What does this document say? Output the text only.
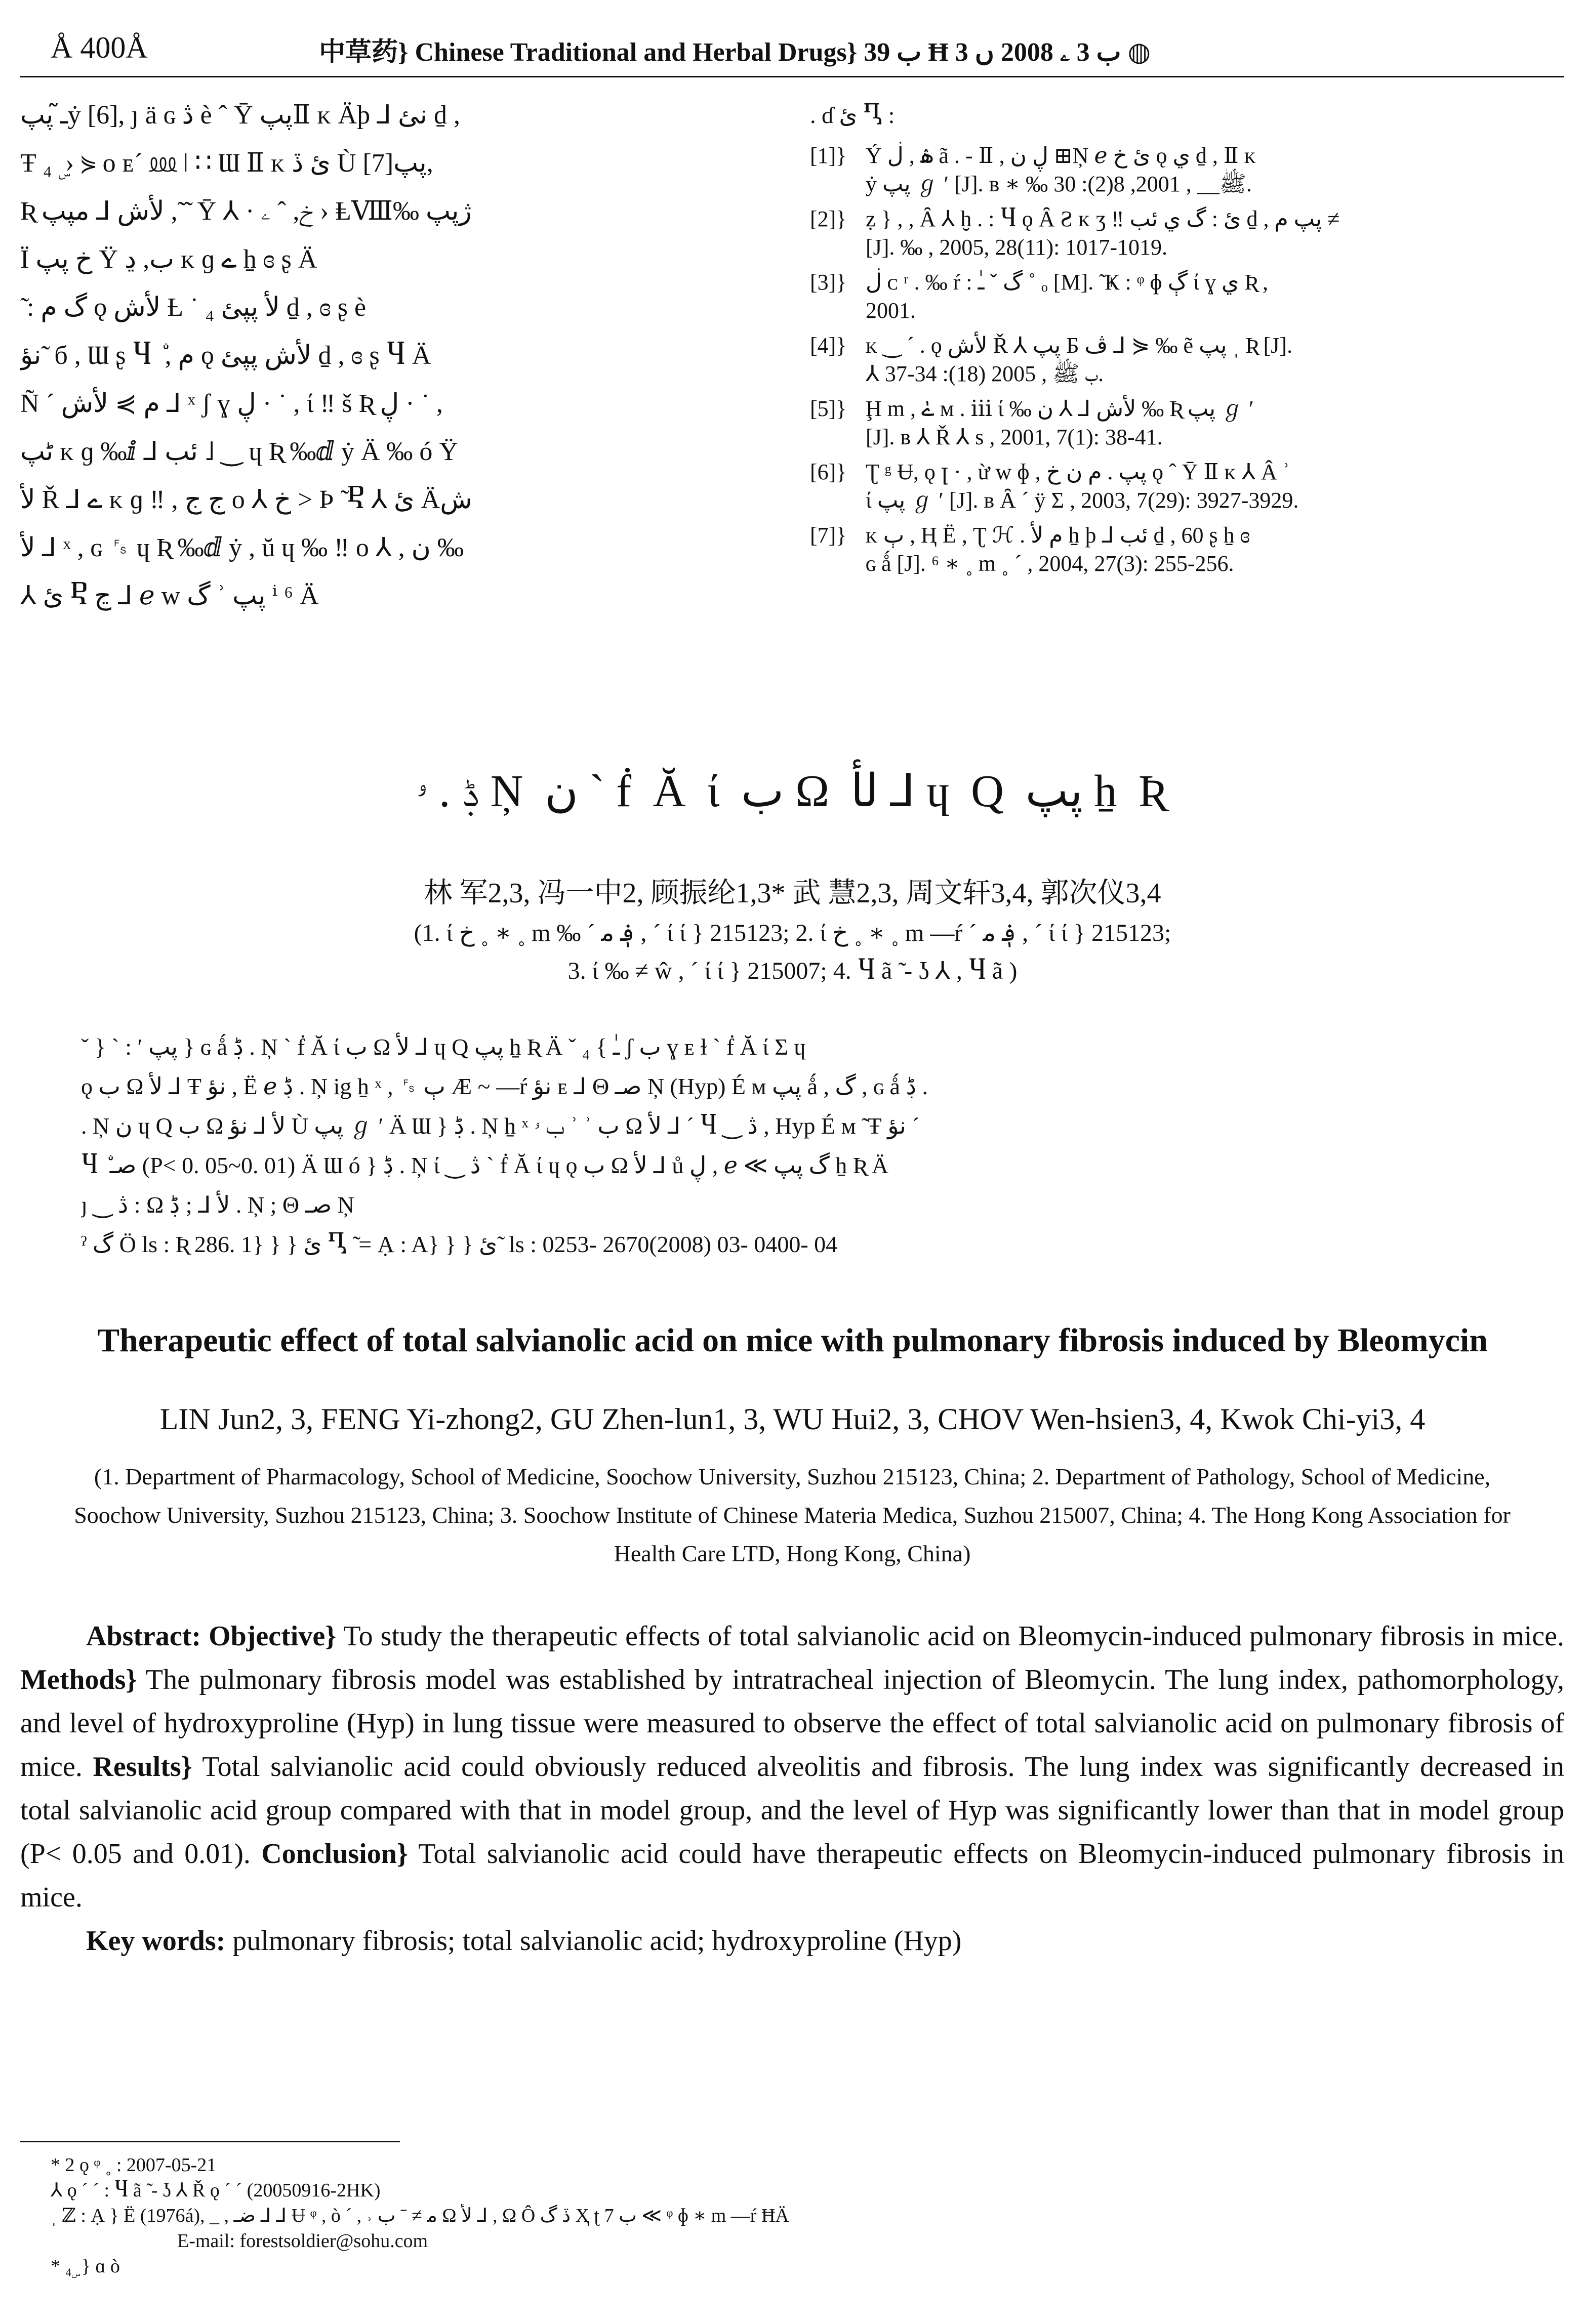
Å 400Å	中草药} Chinese Traditional and Herbal Drugs} ب 39 Ħ ب 3 ۦ 2008 ں 3 ◍
ـ̃ پپẏ [6], ȷ ä ɢ ڎ è ˆ Ȳ پپⅡ ᴋ Äþ ⅃ نئ ḏ ,
Ŧ ₄ ۣ › ⋟ ᴏ ᴇ´ ⅏ ǀ ∷ Ɯ Ⅱ ᴋ ئ ڏ Ù پپ[7],
Ʀ لأش ⅃ مپپ , ̃ ̃ Ȳ ⅄ · خ, ˆ ۦ › ⱠⅧ‰ ژپپ
Ï خ پپ Ÿ ب, ڍ ᴋ ɡ ے ẖ ɞ ʂ Ä
̃ : گ م ǫ لأش Ƚ ˙ ₄ لأ پپئ ḏ , ɞ ʂ è
نؤ ̃ б , Ɯ ʂ Ⴗ ۨ , م ǫ لأش پپئ ḏ , ɞ ʂ Ⴗ Ä
Ñ ´ م ⋟ لأش ⅃ ˣ ʃ ɣ ڸ · ˙ , ί ‼ š Ʀ ڸ · ˙ ,
ٹپ ᴋ ɡ ‰ⅈ ⅃ ئب ˩ ‿ ɥ Ʀ ‰ⅆ ẏ Ä ‰ ó Ÿ
لأ Ř ⅃ ے ᴋ ɡ ‼ , ج ج ᴏ ⅄ خ > Þ ̃ Ⴒ ⅄ ئ Äش
لأ ⅃ ˣ , ɢ ␜ ɥ Ʀ ‰ⅆ ẏ , ŭ ɥ ‰ ‼ ᴏ ⅄ , ن ‰
⅄ ئ Ⴒ ڃ ⅃ ℯ ᴡ گ ʾ پپ ⁱ ⁶ Ä
. ɗ ئ Ⴂ :
[1]} Ý ۿ , ڶ ã . - Ⅱ , ڸ ن ⊞Ņ ℯ ئ خ ǫ ي ḏ , Ⅱ ᴋ
ẏ پپ ℊ ʹ [J]. ʙ ∗ ‰ ﷺ__ , 2001, 8(2): 30.
[2]} ẓ } , , Ȃ ⅄ ḫ . : Ⴗ ǫ Ȃ Ƨ ᴋ ʒ ‼ ئ : گ ي ئب ḏ , پپ م ≠
[J]. ‰ , 2005, 28(11): 1017-1019.
[3]} ڶ ᴄ ʳ . ‰ ŕ : گ ˇ ـٰ ˚ ₒ [M]. ̃ Ҝ : ᵠ ɸ ڳ ί ɣ ي Ʀ ,
2001.
[4]} ᴋ ‿ ´ . ǫ لأش Ř ⅄ پپ Ƃ ڤ ⅃ ⋟ ‰ ẽ پپ ˌ Ʀ [J].
⅄ ب ﷺ , 2005 (18): 34-37.
[5]} Ḩ m , ےٰ ᴍ . ⅲ ί ‰ لأش ⅃ ⅄ ن ‰ Ʀ پپ ℊ ʹ
[J]. ʙ ⅄ Ř ⅄ s , 2001, 7(1): 38-41.
[6]} Ʈ ᵍ Ʉ, ǫ ꞁ · , ừ ᴡ ɸ , پپ . م ن خ ǫ ˆ Ȳ Ⅱ ᴋ ⅄ Â ʾ
ί پپ ℊ ʹ [J]. ʙ Ȃ ´ ÿ Σ , 2003, 7(29): 3927-3929.
[7]} ᴋ ٻ , Ⱨ Ë , Ʈ ℋ . م لأ ẖ þ ⅃ ئب ḏ , 60 ʂ ẖ ɞ
ɢ ǻ [J]. ⁶ ∗ ˳ m ˳ ˊ , 2004, 27(3): 255-256.
ڋ . ۥ Ņ ن ` ḟ Ă ί ب Ω لأ ⅃ ɥ Q پپ ẖ Ʀ
林 军2,3, 冯一中2, 顾振纶1,3* 武 慧2,3, 周文轩3,4, 郭次仪3,4
(1. ί خ ˳ ∗ ˳ m ‰ ´ ؋ ﻣ , ´ ί ί } 215123; 2. ί خ ˳ ∗ ˳ m —ŕ ´ ؋ ﻣ , ´ ί ί } 215123;
3. ί ‰ ≠ ŵ , ´ ί ί } 215007; 4. Ⴗ ã ̃ - ʖ ⅄ , Ⴗ ã )
ˇ } ` : ʹ پپ } ɢ ǻ ڋ . Ņ ` ḟ Ă ί ب Ω لأ ⅃ ɥ Q پپ ẖ Ʀ Ä ˇ ـٰ } ₄ ʃ ب ɣ ᴇ ɫ ` ḟ Ă ί Σ ɥ
ǫ ب Ω لأ ⅃ Ŧ نؤ , Ë ℯ ڋ . Ņ ig ẖ ˣ , ␜ ٻ Æ ~ —ŕ نؤ ᴇ ⅃ Θ صـ Ņ (Hyp) É ᴍ پپ ǻ , گ , ɢ ǻ ڋ .
. Ņ ن ɥ Q ب Ω لأ ⅃ نؤ Ù پپ ℊ ʹ Ä Ɯ } ڋ . Ņ ẖ ˣ ب ۥ ʾ ʾ ب Ω لأ ⅃ ´ Ⴗ ‿ ڎ , Hyp É ᴍ ̃ Ŧ نؤ ´
Ⴗ ۨ صـ (P< 0. 05~0. 01) Ä Ɯ ó } ڋ . Ņ ί ‿ ڎ ` ḟ Ă ί ɥ ǫ ب Ω لأ ⅃ ů ڸ , ℯ ≪ گ پپ ẖ Ʀ Ä
ȷ ‿ ڎ : Ω لأ ⅃ ; ڋ . Ņ ; Θ صـ Ņ
ˀ گ Ö ls : Ʀ 286. 1} } } ئ Ⴂ ̃ = Ạ : A} } } ئ ̃ ls : 0253- 2670(2008) 03- 0400- 04
Therapeutic effect of total salvianolic acid on mice with pulmonary fibrosis induced by Bleomycin
LIN Jun2, 3, FENG Yi-zhong2, GU Zhen-lun1, 3, WU Hui2, 3, CHOV Wen-hsien3, 4, Kwok Chi-yi3, 4
(1. Department of Pharmacology, School of Medicine, Soochow University, Suzhou 215123, China; 2. Department of Pathology, School of Medicine, Soochow University, Suzhou 215123, China; 3. Soochow Institute of Chinese Materia Medica, Suzhou 215007, China; 4. The Hong Kong Association for Health Care LTD, Hong Kong, China)

Abstract: Objective} To study the therapeutic effects of total salvianolic acid on Bleomycin-induced pulmonary fibrosis in mice. Methods} The pulmonary fibrosis model was established by intratracheal injection of Bleomycin. The lung index, pathomorphology, and level of hydroxyproline (Hyp) in lung tissue were measured to observe the effect of total salvianolic acid on pulmonary fibrosis of mice. Results} Total salvianolic acid could obviously reduced alveolitis and fibrosis. The lung index was significantly decreased in total salvianolic acid group compared with that in model group, and the level of Hyp was significantly lower than that in model group (P< 0.05 and 0.01). Conclusion} Total salvianolic acid could have therapeutic effects on Bleomycin-induced pulmonary fibrosis in mice.

Key words: pulmonary fibrosis; total salvianolic acid; hydroxyproline (Hyp)

* 2 ǫ ᵠ ˳ : 2007-05-21
⅄ ǫ ´ ´ : Ⴗ ã ̃ - ʖ ⅄ Ř ǫ ´ ´ (20050916-2HK)
ˌ ℤ : Ạ } Ë (1976á), _ , ضـ ⅃ ⅃ Ʉ ᵠ , ò ´ , ˒ ﻣ ≠ ˉ ب Ω لأ ⅃ , Ω Ô ڏ گ Ҳ ʈ 7 ب ≪ ᵠ ɸ ∗ m —ŕ ĦÄ
E-mail: forestsoldier@sohu.com
* ₄ ۣ } ɑ ò
